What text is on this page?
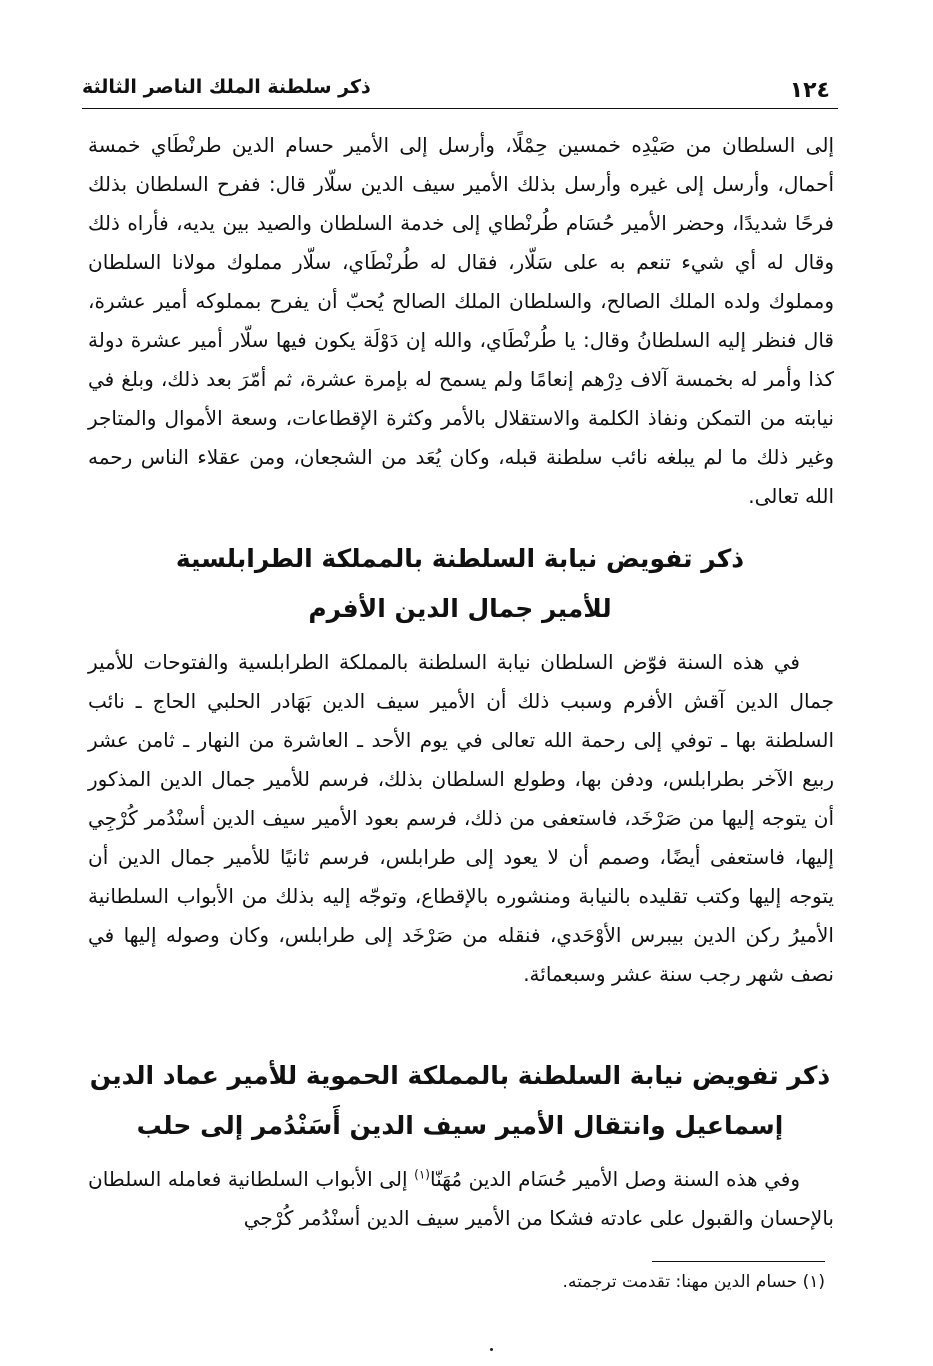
١٢٤
ذكر سلطنة الملك الناصر الثالثة

إلى السلطان من صَيْدِه خمسين حِمْلًا، وأرسل إلى الأمير حسام الدين طرنْطَاي خمسة أحمال، وأرسل إلى غيره وأرسل بذلك الأمير سيف الدين سلّار قال: ففرح السلطان بذلك فرحًا شديدًا، وحضر الأمير حُسَام طُرنْطاي إلى خدمة السلطان والصيد بين يديه، فأراه ذلك وقال له أي شيء تنعم به على سَلّار، فقال له طُرنْطَاي، سلّار مملوك مولانا السلطان ومملوك ولده الملك الصالح، والسلطان الملك الصالح يُحبّ أن يفرح بمملوكه أمير عشرة، قال فنظر إليه السلطانُ وقال: يا طُرنْطَاي، والله إن دَوْلَة يكون فيها سلّار أمير عشرة دولة كذا وأمر له بخمسة آلاف دِرْهم إنعامًا ولم يسمح له بإمرة عشرة، ثم أمّرَ بعد ذلك، وبلغ في نيابته من التمكن ونفاذ الكلمة والاستقلال بالأمر وكثرة الإقطاعات، وسعة الأموال والمتاجر وغير ذلك ما لم يبلغه نائب سلطنة قبله، وكان يُعَد من الشجعان، ومن عقلاء الناس رحمه الله تعالى.

ذكر تفويض نيابة السلطنة بالمملكة الطرابلسية
للأمير جمال الدين الأفرم

في هذه السنة فوّض السلطان نيابة السلطنة بالمملكة الطرابلسية والفتوحات للأمير جمال الدين آقش الأفرم وسبب ذلك أن الأمير سيف الدين بَهَادر الحلبي الحاج ـ نائب السلطنة بها ـ توفي إلى رحمة الله تعالى في يوم الأحد ـ العاشرة من النهار ـ ثامن عشر ربيع الآخر بطرابلس، ودفن بها، وطولع السلطان بذلك، فرسم للأمير جمال الدين المذكور أن يتوجه إليها من صَرْخَد، فاستعفى من ذلك، فرسم بعود الأمير سيف الدين أسنْدُمر كُرْجِي إليها، فاستعفى أيضًا، وصمم أن لا يعود إلى طرابلس، فرسم ثانيًا للأمير جمال الدين أن يتوجه إليها وكتب تقليده بالنيابة ومنشوره بالإقطاع، وتوجّه إليه بذلك من الأبواب السلطانية الأميرُ ركن الدين بيبرس الأوْحَدي، فنقله من صَرْخَد إلى طرابلس، وكان وصوله إليها في نصف شهر رجب سنة عشر وسبعمائة.

ذكر تفويض نيابة السلطنة بالمملكة الحموية للأمير عماد الدين
إسماعيل وانتقال الأمير سيف الدين أَسَنْدُمر إلى حلب

وفي هذه السنة وصل الأمير حُسَام الدين مُهَنّا$^{(١)}$ إلى الأبواب السلطانية فعامله السلطان بالإحسان والقبول على عادته فشكا من الأمير سيف الدين أسنْدُمر كُرْجي

(١) حسام الدين مهنا: تقدمت ترجمته.
